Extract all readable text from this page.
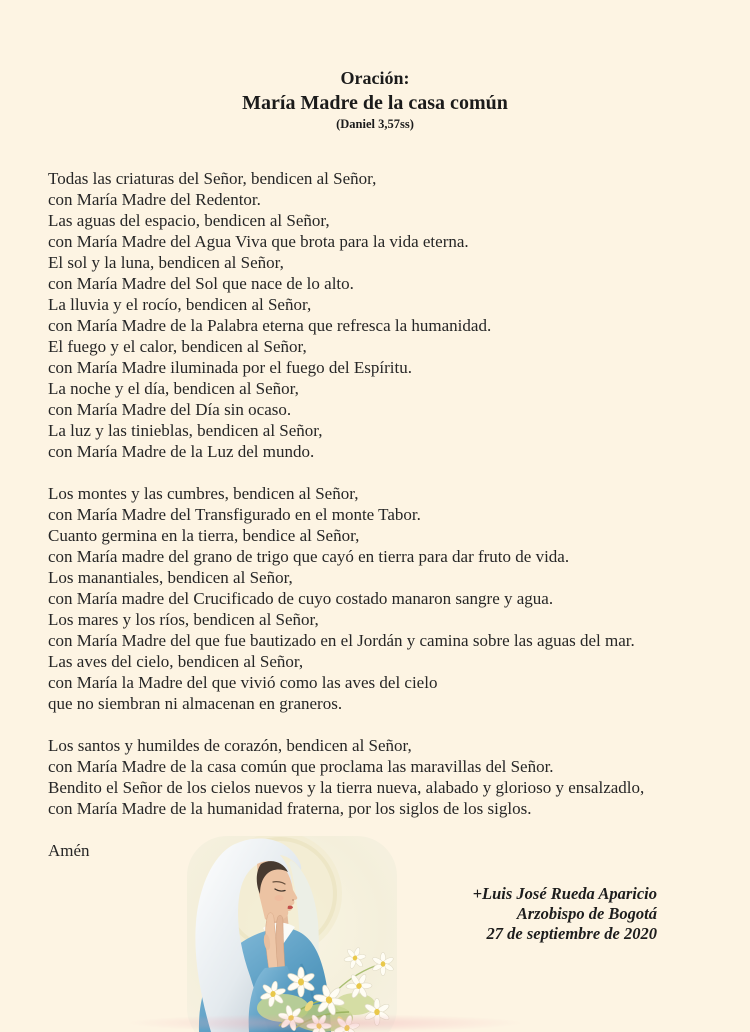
Oración:
María Madre de la casa común
(Daniel 3,57ss)
Todas las criaturas del Señor, bendicen al Señor,
con María Madre del Redentor.
Las aguas del espacio, bendicen al Señor,
con María Madre del Agua Viva que brota para la vida eterna.
El sol y la luna, bendicen al Señor,
con María Madre del Sol que nace de lo alto.
La lluvia y el rocío, bendicen al Señor,
con María Madre de la Palabra eterna que refresca la humanidad.
El fuego y el calor, bendicen al Señor,
con María Madre iluminada por el fuego del Espíritu.
La noche y el día, bendicen al Señor,
con María Madre del Día sin ocaso.
La luz y las tinieblas, bendicen al Señor,
con María Madre de la Luz del mundo.
Los montes y las cumbres, bendicen al Señor,
con María Madre del Transfigurado en el monte Tabor.
Cuanto germina en la tierra, bendice al Señor,
con María madre del grano de trigo que cayó en tierra para dar fruto de vida.
Los manantiales, bendicen al Señor,
con María madre del Crucificado de cuyo costado manaron sangre y agua.
Los mares y los ríos, bendicen al Señor,
con María Madre del que fue bautizado en el Jordán y camina sobre las aguas del mar.
Las aves del cielo, bendicen al Señor,
con María la Madre del que vivió como las aves del cielo
que no siembran ni almacenan en graneros.
Los santos y humildes de corazón, bendicen al Señor,
con María Madre de la casa común que proclama las maravillas del Señor.
Bendito el Señor de los cielos nuevos y la tierra nueva, alabado y glorioso y ensalzadlo,
con María Madre de la humanidad fraterna, por los siglos de los siglos.
Amén
+Luis José Rueda Aparicio
Arzobispo de Bogotá
27 de septiembre de 2020
